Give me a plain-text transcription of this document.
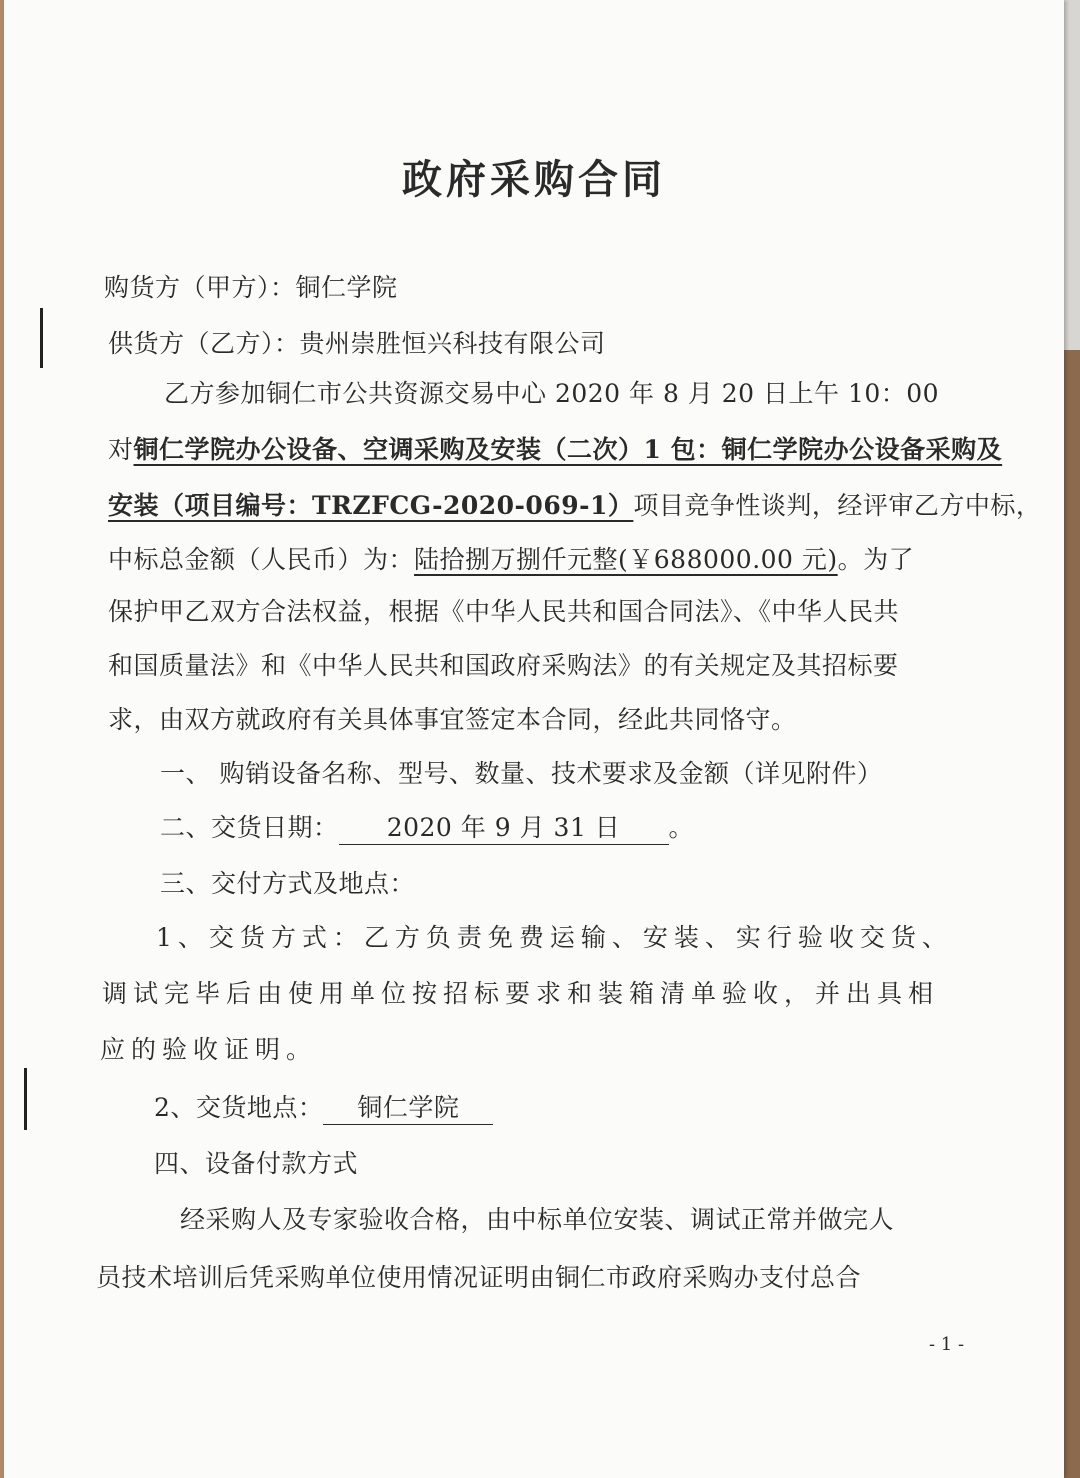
政府采购合同
购货方（甲方）：铜仁学院
供货方（乙方）：贵州崇胜恒兴科技有限公司
乙方参加铜仁市公共资源交易中心 2020 年 8 月 20 日上午 10：00
对铜仁学院办公设备、空调采购及安装（二次）1 包：铜仁学院办公设备采购及
安装（项目编号：TRZFCG-2020-069-1）项目竞争性谈判，经评审乙方中标，
中标总金额（人民币）为：陆拾捌万捌仟元整(￥688000.00 元)。为了
保护甲乙双方合法权益，根据《中华人民共和国合同法》、《中华人民共
和国质量法》和《中华人民共和国政府采购法》的有关规定及其招标要
求，由双方就政府有关具体事宜签定本合同，经此共同恪守。
一、 购销设备名称、型号、数量、技术要求及金额（详见附件）
二、交货日期： 2020 年 9 月 31 日 。
三、交付方式及地点：
1、交货方式：乙方负责免费运输、安装、实行验收交货、
调试完毕后由使用单位按招标要求和装箱清单验收，并出具相
应的验收证明。
2、交货地点： 铜仁学院
四、设备付款方式
经采购人及专家验收合格，由中标单位安装、调试正常并做完人
员技术培训后凭采购单位使用情况证明由铜仁市政府采购办支付总合
- 1 -
